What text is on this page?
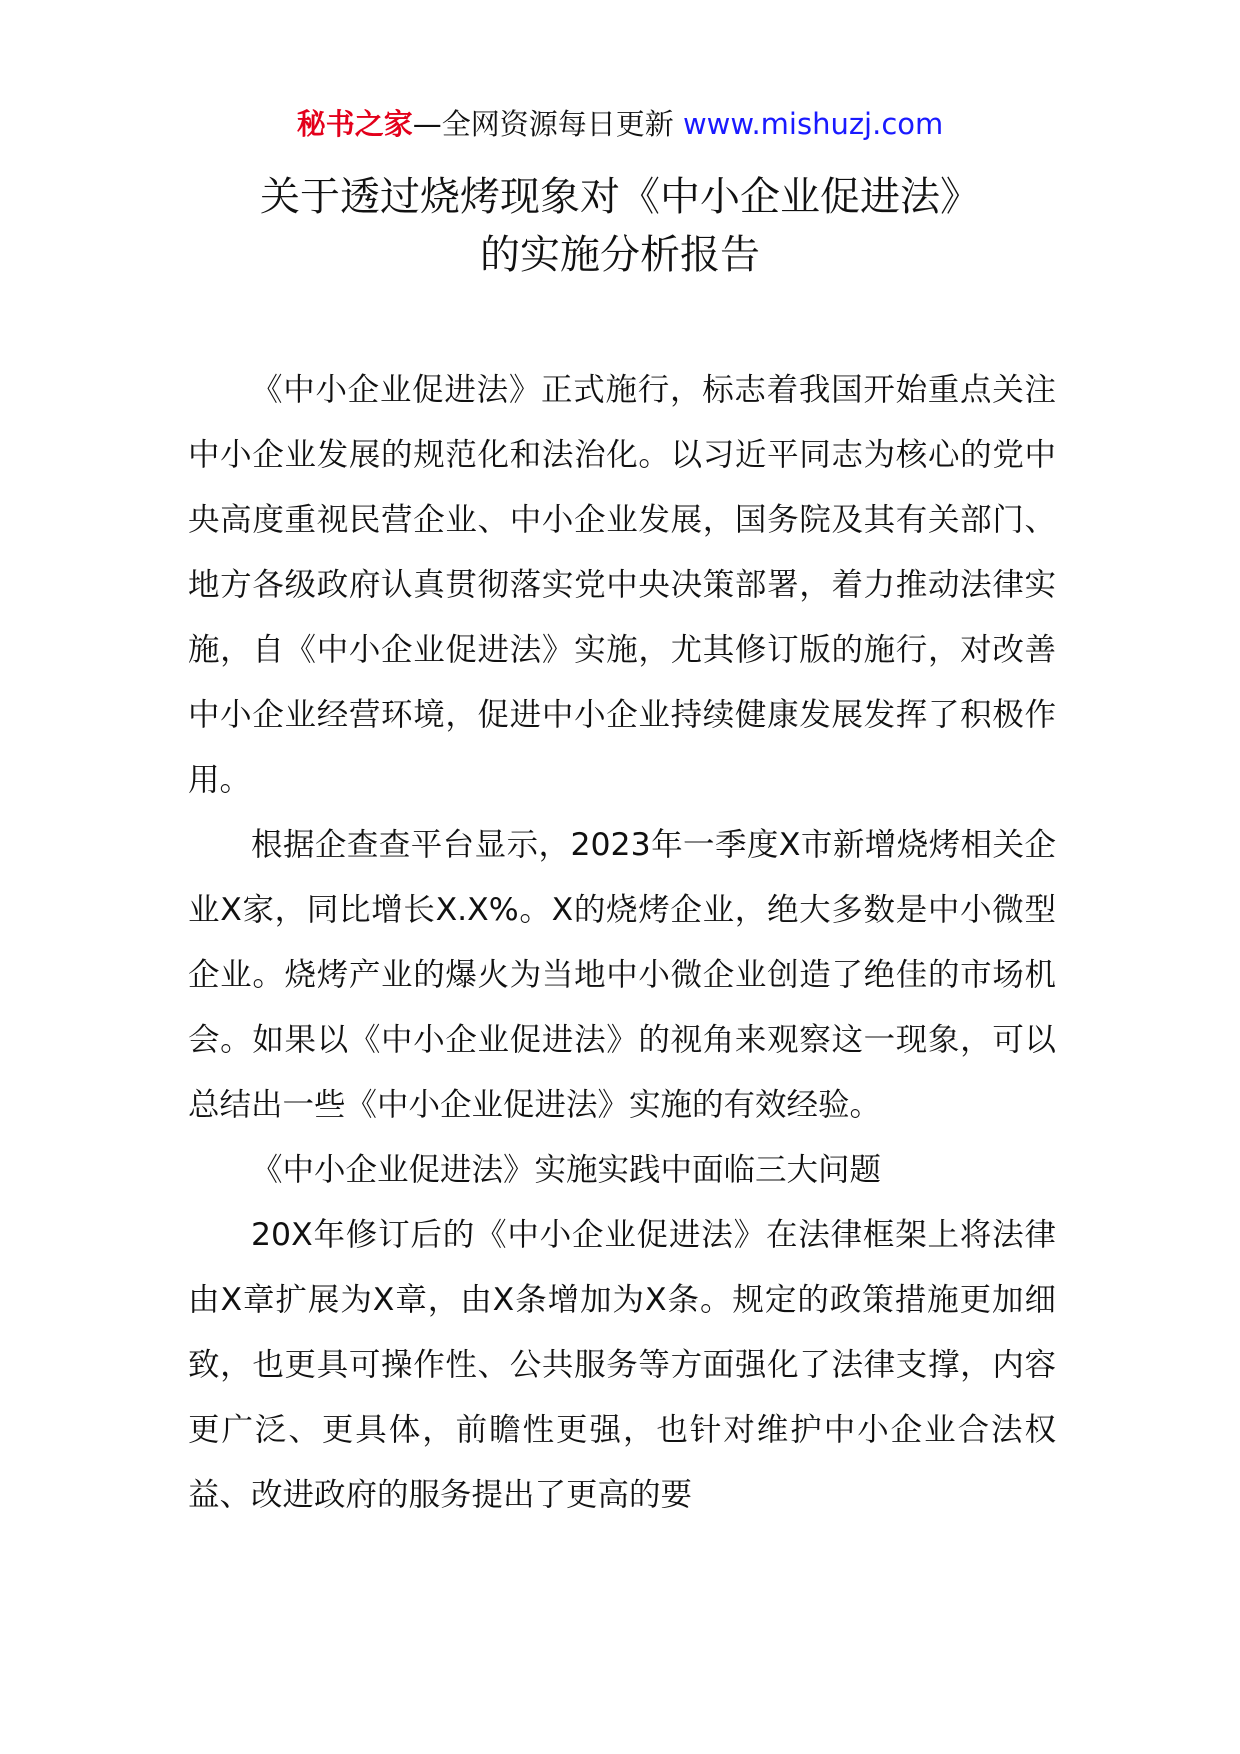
秘书之家—全网资源每日更新 www.mishuzj.com
关于透过烧烤现象对《中小企业促进法》
的实施分析报告

《中小企业促进法》正式施行，标志着我国开始重点关注中小企业发展的规范化和法治化。以习近平同志为核心的党中央高度重视民营企业、中小企业发展，国务院及其有关部门、地方各级政府认真贯彻落实党中央决策部署，着力推动法律实施，自《中小企业促进法》实施，尤其修订版的施行，对改善中小企业经营环境，促进中小企业持续健康发展发挥了积极作用。

根据企查查平台显示，2023年一季度X市新增烧烤相关企业X家，同比增长X.X%。X的烧烤企业，绝大多数是中小微型企业。烧烤产业的爆火为当地中小微企业创造了绝佳的市场机会。如果以《中小企业促进法》的视角来观察这一现象，可以总结出一些《中小企业促进法》实施的有效经验。

《中小企业促进法》实施实践中面临三大问题

20X年修订后的《中小企业促进法》在法律框架上将法律由X章扩展为X章，由X条增加为X条。规定的政策措施更加细致，也更具可操作性、公共服务等方面强化了法律支撑，内容更广泛、更具体，前瞻性更强，也针对维护中小企业合法权益、改进政府的服务提出了更高的要
